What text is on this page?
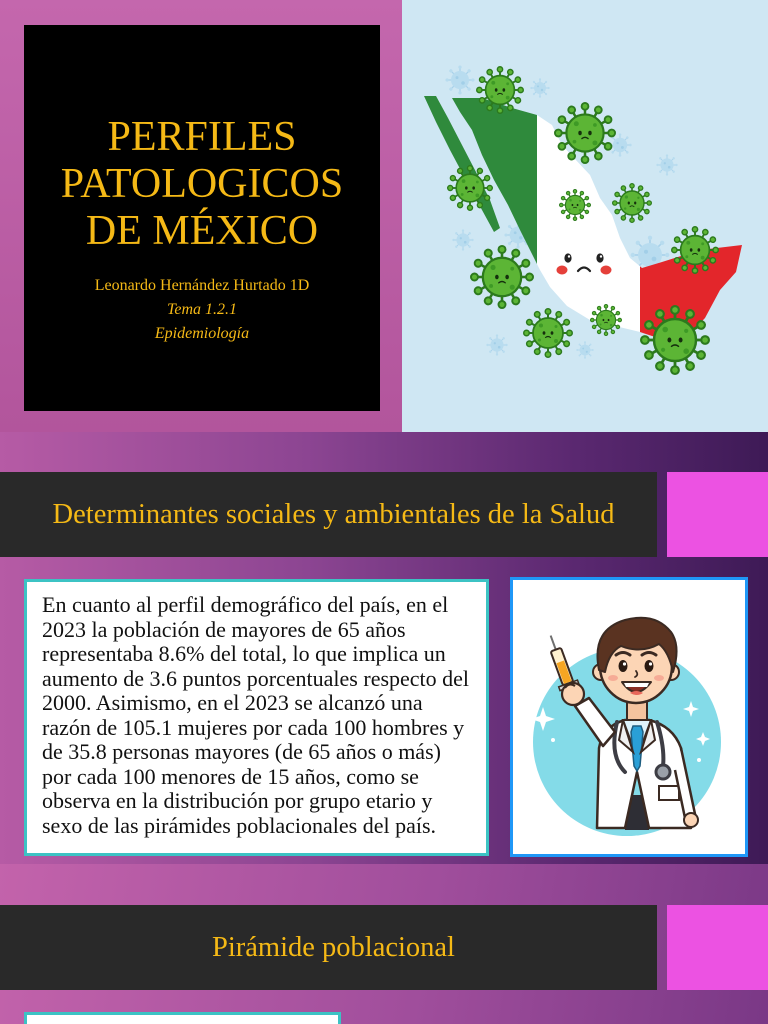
PERFILES
PATOLOGICOS
DE MÉXICO
Leonardo Hernández Hurtado 1D
Tema 1.2.1
Epidemiología
Determinantes sociales y ambientales de la Salud
En cuanto al perfil demográfico del país, en el
2023 la población de mayores de 65 años
representaba 8.6% del total, lo que implica un
aumento de 3.6 puntos porcentuales respecto del
2000. Asimismo, en el 2023 se alcanzó una
razón de 105.1 mujeres por cada 100 hombres y
de 35.8 personas mayores (de 65 años o más)
por cada 100 menores de 15 años, como se
observa en la distribución por grupo etario y
sexo de las pirámides poblacionales del país.
Pirámide poblacional
